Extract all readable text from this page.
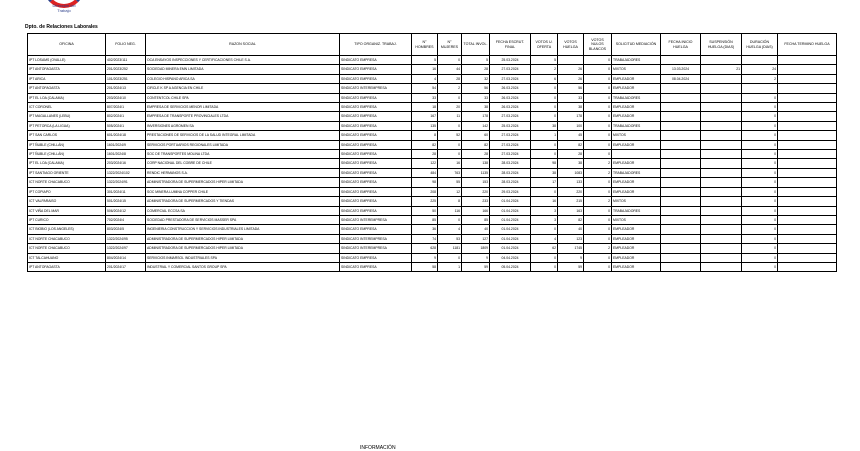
Dirección del
Trabajo
Dpto. de Relaciones Laborales
OFICINA	FOLIO NEG.	RAZON SOCIAL	TIPO ORGANIZ. TRABAJ.	N° HOMBRES	N° MUJERES	TOTAL INVOL.	FECHA ESCRUT. FINAL	VOTOS U. OFERTA	VOTOS HUELGA	VOTOS NULOS BLANCOS	SOLICITUD MEDIACIÓN	FECHA INICIO HUELGA	SUSPENSIÓN HUELGA (DIAS)	DURACIÓN HUELGA (DIAS)	FECHA TERMINO HUELGA
IPT LOSAMS (OVALLE)	402/2023/111	OCA ENSAYOS INSPECCIONES Y CERTIFICACIONES CHILE S.A.	SINDICATO EMPRESA	5	0	5	25.03.2024	5		0	TRABAJADORES				
IPT ANTOFAGASTA	201/2023/252	SOCIEDAD MINERA EMN LIMITADA	SINDICATO EMPRESA	16	44	28	27.03.2024	2	26	0	MIXTOS	13.03.2024	21	24	
IPT ARICA	101/2023/251	COLEGIO HISPANO ARICA SA	SINDICATO EMPRESA	4	28	32	27.03.2024	6	26	0	EMPLEADOR	08.04.2024		2	
IPT ANTOFAGASTA	201/2024/13	CIRCLE K SP A AGENCIA EN CHILE	SINDICATO INTEREMPRESA	54	2	56	26.03.2024	0	56	0	EMPLEADOR				
IPT EL LOA (CALAMA)	203/2024/10	CONTENTCOL CHILE SPA	SINDICATO EMPRESA	33	0	33	26.03.2024	0	33	0	TRABAJADORES			0	
ICT CORONEL	807/2024/1	EMPRESA DE SERVICIOS MENOR LIMITADA	SINDICATO EMPRESA	18	20	38	26.03.2024	0	38	0	EMPLEADOR			0	
IPT MAGALLANES (LEBU)	802/2024/1	EMPRESA DE TRANSPORTE PROVINCIALES LTDA	SINDICATO EMPRESA	167	11	178	27.03.2024	0	178	0	EMPLEADOR			0	
IPT PETORCA (LA LIGUA)	505/2024/1	INVERSIONES AGROMEN SA	SINDICATO EMPRESA	135	0	142	25.03.2024	38	100	0	TRABAJADORES			0	
IPT SAN CARLOS	601/2024/18	PRESTACIONES DE SERVICIOS DE LA SALUD INTEGRAL LIMITADA	SINDICATO EMPRESA	8	52	60	27.03.2024	1	45	0	MIXTOS			0	
IPT ÑUBLE (CHILLÁN)	1601/2024/9	SERVICIOS PORTUARIOS REGIONALES LIMITADA	SINDICATO EMPRESA	82	0	82	27.03.2024	0	82	0	EMPLEADOR			0	
IPT ÑUBLE (CHILLÁN)	1601/2024/8	SOC DE TRANSPORTES MOLINA LTDA	SINDICATO EMPRESA	28	0	28	27.03.2024	0	28	0				0	
IPT EL LOA (CALAMA)	203/2024/16	CORP NACIONAL DEL COBRE DE CHILE	SINDICATO EMPRESA	122	16	138	28.03.2024	98	38	2	EMPLEADOR			0	
IPT SANTIAGO ORIENTE	1322/2024/102	RENDIC HERMANOS S.A.	SINDICATO EMPRESA	484	763	1135	28.03.2024	38	1083	2	TRABAJADORES			0	
ICT NORTE CHACABUCO	1322/2024/91	ADMINISTRADORA DE SUPERMERCADOS HIPER LIMITADA	SINDICATO EMPRESA	98	55	153	28.03.2024	17	133	0	EMPLEADOR			0	
IPT COPIAPO	301/2024/11	SOC MINERA LUMINA COPPER CHILE	SINDICATO EMPRESA	208	12	220	29.03.2024	0	220	0	EMPLEADOR			0	
ICT VALPARAISO	501/2024/15	ADMINISTRADORA DE SUPERMERCADOS Y TIENDAS	SINDICATO EMPRESA	225	8	233	01.04.2024	16	215	2	MIXTOS			0	
ICT VIÑA DEL MAR	506/2024/12	COMERCIAL ECCSA SA	SINDICATO EMPRESA	50	116	166	01.04.2024	3	163	0	TRABAJADORES			0	
IPT CURICO	702/2024/4	SOCIEDAD PRESTADORA DE SERVICIOS MASSER SPA	SINDICATO INTEREMPRESA	85	0	85	01.04.2024	3	82	0	MIXTOS			0	
ICT BIOBIO (LOS ANGELES)	803/2024/5	INGENIERIA CONSTRUCCION Y SERVICIOS INDUSTRIALES LIMITADA	SINDICATO EMPRESA	36	4	40	01.04.2024	0	40	0	EMPLEADOR			0	
ICT NORTE CHACABUCO	1322/2024/95	ADMINISTRADORA DE SUPERMERCADOS HIPER LIMITADA	SINDICATO INTEREMPRESA	74	53	127	01.04.2024	4	123	0	EMPLEADOR			0	
ICT NORTE CHACABUCO	1322/2024/97	ADMINISTRADORA DE SUPERMERCADOS HIPER LIMITADA	SINDICATO INTEREMPRESA	628	1181	1809	01.04.2024	62	1745	2	EMPLEADOR			0	
ICT TALCAHUANO	804/2024/14	SERVICIOS INMARSOL INDUSTRIALES SPA	SINDICATO EMPRESA	9	0	9	04.04.2024	0	9	0	EMPLEADOR			0	
IPT ANTOFAGASTA	201/2024/17	INDUSTRIAL Y COMERCIAL SANTOS GROUP SPA	SINDICATO EMPRESA	58	1	59	05.04.2024	0	59	0	EMPLEADOR			0	
INFORMACIÓN
